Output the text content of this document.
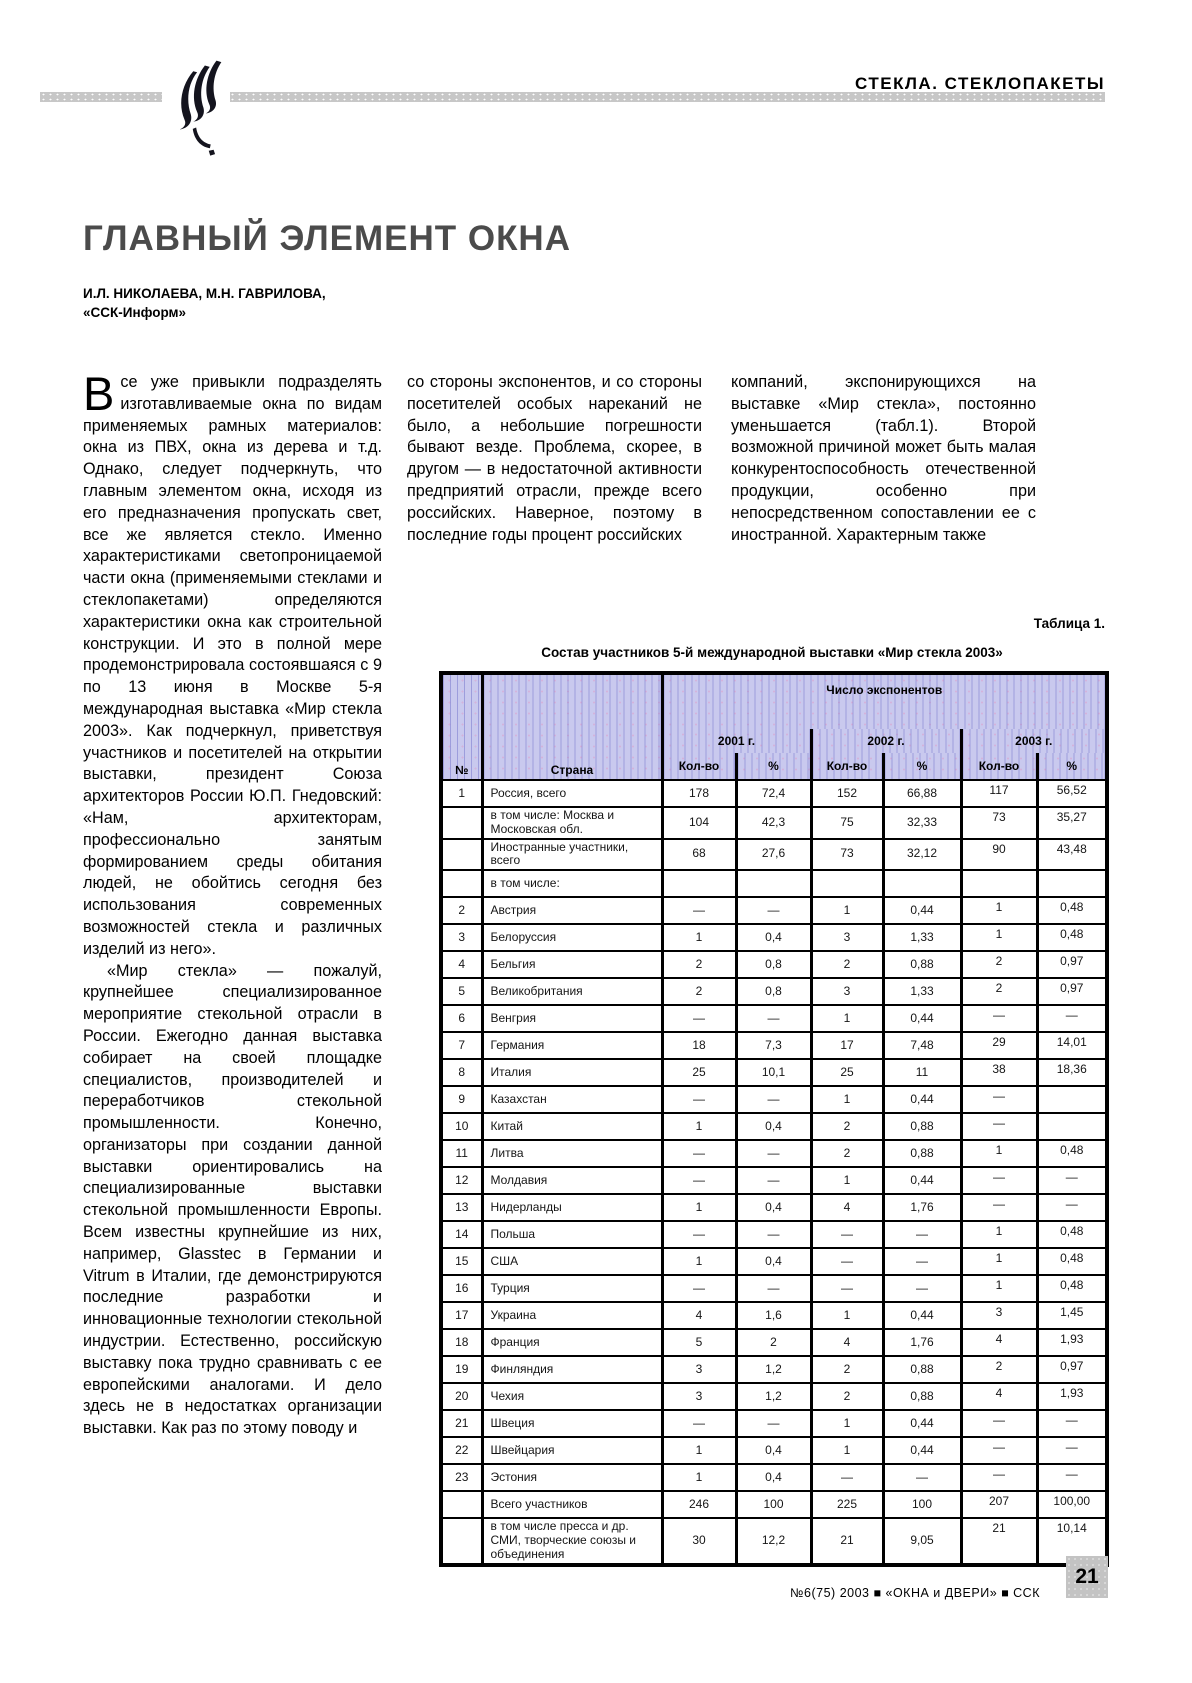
СТЕКЛА. СТЕКЛОПАКЕТЫ
ГЛАВНЫЙ ЭЛЕМЕНТ ОКНА
И.Л. НИКОЛАЕВА, М.Н. ГАВРИЛОВА,
«ССК-Информ»

Все уже привыкли подразделять изготавливаемые окна по видам применяемых рамных материалов: окна из ПВХ, окна из дерева и т.д. Однако, следует подчеркнуть, что главным элементом окна, исходя из его предназначения пропускать свет, все же является стекло. Именно характеристиками светопроницаемой части окна (применяемыми стеклами и стеклопакетами) определяются характеристики окна как строительной конструкции. И это в полной мере продемонстрировала состоявшаяся с 9 по 13 июня в Москве 5-я международная выставка «Мир стекла 2003». Как подчеркнул, приветствуя участников и посетителей на открытии выставки, президент Союза архитекторов России Ю.П. Гнедовский: «Нам, архитекторам, профессионально занятым формированием среды обитания людей, не обойтись сегодня без использования современных возможностей стекла и различных изделий из него».

«Мир стекла» — пожалуй, крупнейшее специализированное мероприятие стекольной отрасли в России. Ежегодно данная выставка собирает на своей площадке специалистов, производителей и переработчиков стекольной промышленности. Конечно, организаторы при создании данной выставки ориентировались на специализированные выставки стекольной промышленности Европы. Всем известны крупнейшие из них, например, Glasstec в Германии и Vitrum в Италии, где демонстрируются последние разработки и инновационные технологии стекольной индустрии. Естественно, российскую выставку пока трудно сравнивать с ее европейскими аналогами. И дело здесь не в недостатках организации выставки. Как раз по этому поводу и

со стороны экспонентов, и со стороны посетителей особых нареканий не было, а небольшие погрешности бывают везде. Проблема, скорее, в другом — в недостаточной активности предприятий отрасли, прежде всего российских. Наверное, поэтому в последние годы процент российских

компаний, экспонирующихся на выставке «Мир стекла», постоянно уменьшается (табл.1). Второй возможной причиной может быть малая конкурентоспособность отечественной продукции, особенно при непосредственном сопоставлении ее с иностранной. Характерным также

Таблица 1.
Состав участников 5-й международной выставки «Мир стекла 2003»
№	Страна	Число экспонентов					
		2001 г.		2002 г.		2003 г.	
		Кол-во	%	Кол-во	%	Кол-во	%
1	Россия, всего	178	72,4	152	66,88	117	56,52
	в том числе: Москва и Московская обл.	104	42,3	75	32,33	73	35,27
	Иностранные участники, всего	68	27,6	73	32,12	90	43,48
	в том числе:						
2	Австрия	—	—	1	0,44	1	0,48
3	Белоруссия	1	0,4	3	1,33	1	0,48
4	Бельгия	2	0,8	2	0,88	2	0,97
5	Великобритания	2	0,8	3	1,33	2	0,97
6	Венгрия	—	—	1	0,44	—	—
7	Германия	18	7,3	17	7,48	29	14,01
8	Италия	25	10,1	25	11	38	18,36
9	Казахстан	—	—	1	0,44	—	
10	Китай	1	0,4	2	0,88	—	
11	Литва	—	—	2	0,88	1	0,48
12	Молдавия	—	—	1	0,44	—	—
13	Нидерланды	1	0,4	4	1,76	—	—
14	Польша	—	—	—	—	1	0,48
15	США	1	0,4	—	—	1	0,48
16	Турция	—	—	—	—	1	0,48
17	Украина	4	1,6	1	0,44	3	1,45
18	Франция	5	2	4	1,76	4	1,93
19	Финляндия	3	1,2	2	0,88	2	0,97
20	Чехия	3	1,2	2	0,88	4	1,93
21	Швеция	—	—	1	0,44	—	—
22	Швейцария	1	0,4	1	0,44	—	—
23	Эстония	1	0,4	—	—	—	—
	Всего участников	246	100	225	100	207	100,00
	в том числе пресса и др. СМИ, творческие союзы и объединения	30	12,2	21	9,05	21	10,14
№6(75) 2003 ■ «ОКНА и ДВЕРИ» ■ ССК
21
